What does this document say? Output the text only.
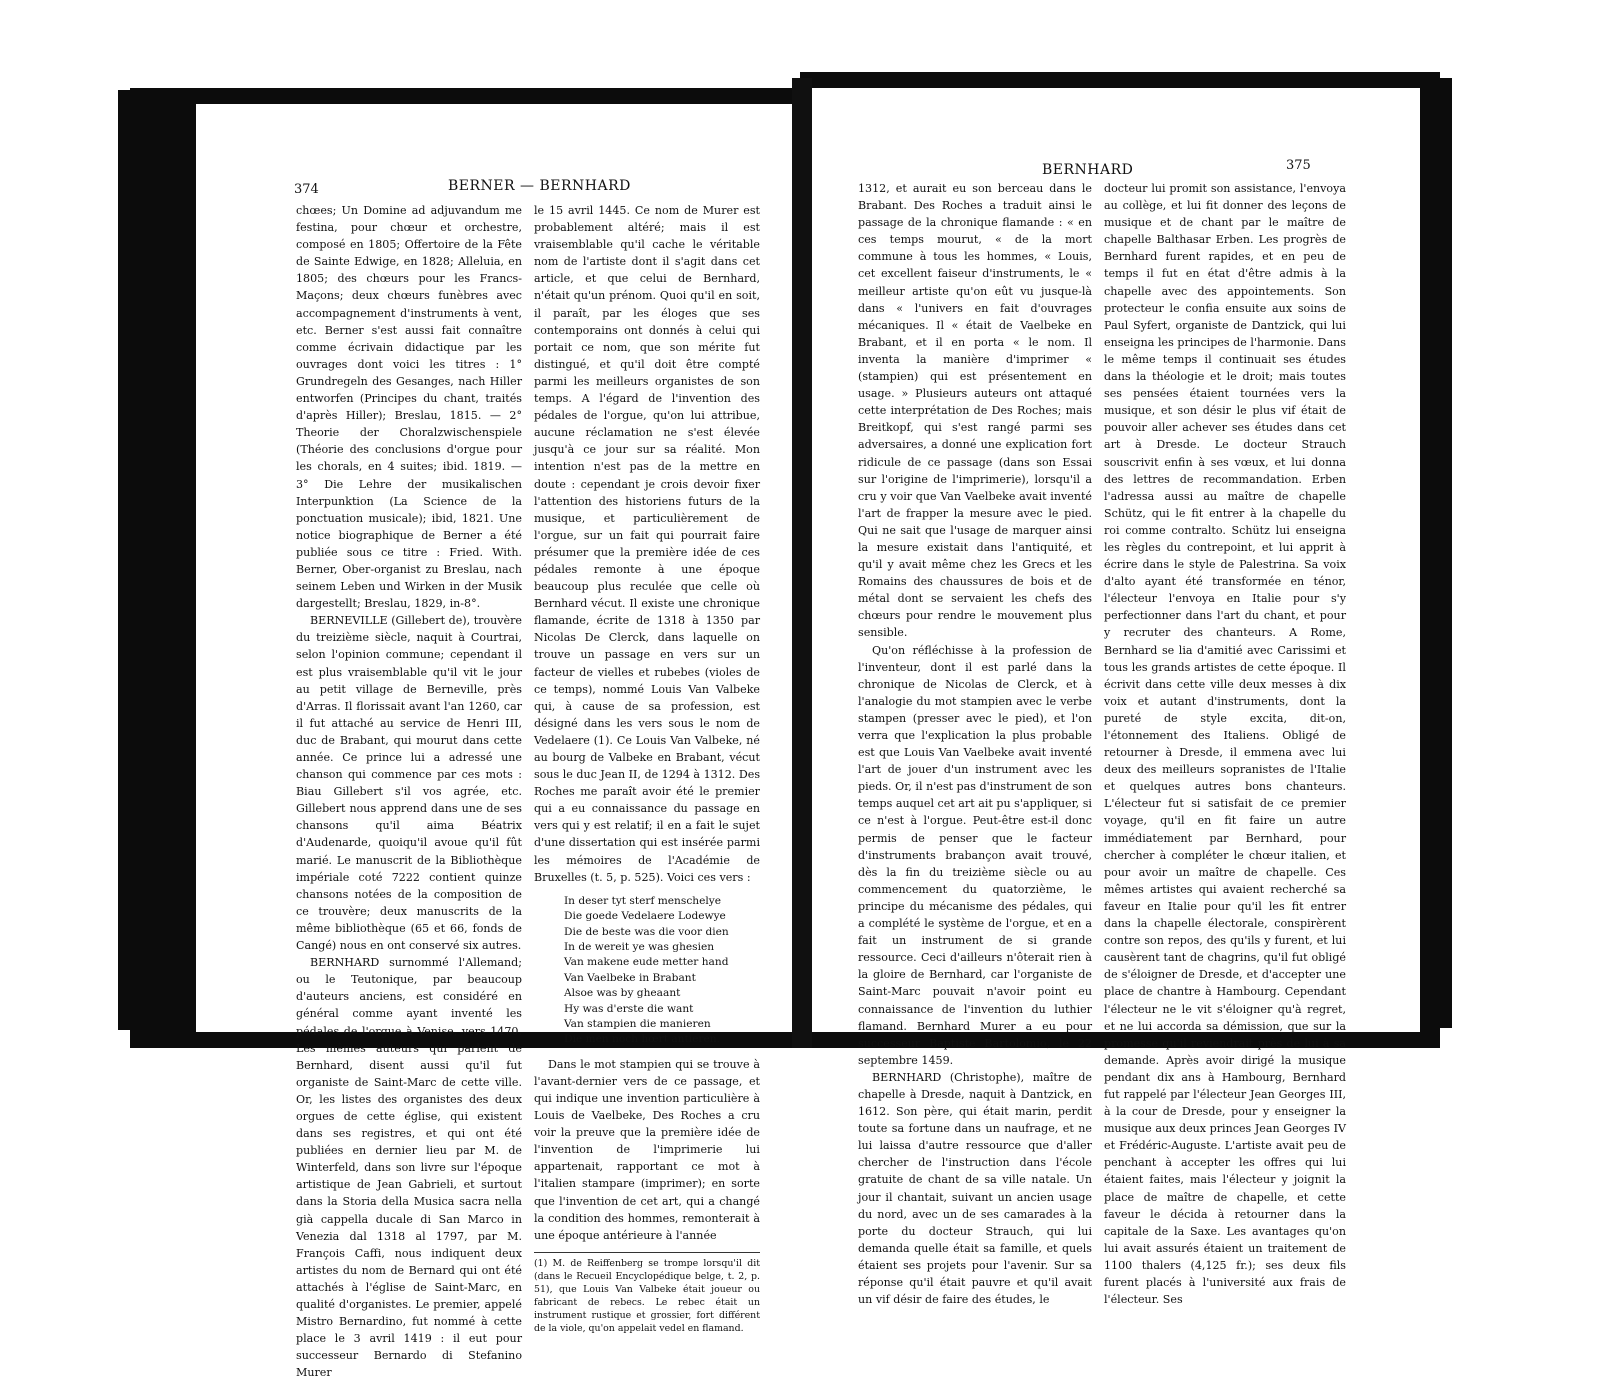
374	BERNER — BERNHARD

chœes; Un Domine ad adjuvandum me festina, pour chœur et orchestre, composé en 1805; Offertoire de la Fête de Sainte Edwige, en 1828; Alleluia, en 1805; des chœurs pour les Francs-Maçons; deux chœurs funèbres avec accompagnement d'instruments à vent, etc. Berner s'est aussi fait connaître comme écrivain didactique par les ouvrages dont voici les titres : 1° Grundregeln des Gesanges, nach Hiller entworfen (Principes du chant, traités d'après Hiller); Breslau, 1815. — 2° Theorie der Choralzwischenspiele (Théorie des conclusions d'orgue pour les chorals, en 4 suites; ibid. 1819. — 3° Die Lehre der musikalischen Interpunktion (La Science de la ponctuation musicale); ibid, 1821. Une notice biographique de Berner a été publiée sous ce titre : Fried. With. Berner, Ober-organist zu Breslau, nach seinem Leben und Wirken in der Musik dargestellt; Breslau, 1829, in-8°.

BERNEVILLE (Gillebert de), trouvère du treizième siècle, naquit à Courtrai, selon l'opinion commune; cependant il est plus vraisemblable qu'il vit le jour au petit village de Berneville, près d'Arras. Il florissait avant l'an 1260, car il fut attaché au service de Henri III, duc de Brabant, qui mourut dans cette année. Ce prince lui a adressé une chanson qui commence par ces mots : Biau Gillebert s'il vos agrée, etc. Gillebert nous apprend dans une de ses chansons qu'il aima Béatrix d'Audenarde, quoiqu'il avoue qu'il fût marié. Le manuscrit de la Bibliothèque impériale coté 7222 contient quinze chansons notées de la composition de ce trouvère; deux manuscrits de la même bibliothèque (65 et 66, fonds de Cangé) nous en ont conservé six autres.

BERNHARD surnommé l'Allemand; ou le Teutonique, par beaucoup d'auteurs anciens, est considéré en général comme ayant inventé les pédales de l'orgue à Venise, vers 1470. Les mêmes auteurs qui parlent de Bernhard, disent aussi qu'il fut organiste de Saint-Marc de cette ville. Or, les listes des organistes des deux orgues de cette église, qui existent dans ses registres, et qui ont été publiées en dernier lieu par M. de Winterfeld, dans son livre sur l'époque artistique de Jean Gabrieli, et surtout dans la Storia della Musica sacra nella già cappella ducale di San Marco in Venezia dal 1318 al 1797, par M. François Caffi, nous indiquent deux artistes du nom de Bernard qui ont été attachés à l'église de Saint-Marc, en qualité d'organistes. Le premier, appelé Mistro Bernardino, fut nommé à cette place le 3 avril 1419 : il eut pour successeur Bernardo di Stefanino Murer

le 15 avril 1445. Ce nom de Murer est probablement altéré; mais il est vraisemblable qu'il cache le véritable nom de l'artiste dont il s'agit dans cet article, et que celui de Bernhard, n'était qu'un prénom. Quoi qu'il en soit, il paraît, par les éloges que ses contemporains ont donnés à celui qui portait ce nom, que son mérite fut distingué, et qu'il doit être compté parmi les meilleurs organistes de son temps. A l'égard de l'invention des pédales de l'orgue, qu'on lui attribue, aucune réclamation ne s'est élevée jusqu'à ce jour sur sa réalité. Mon intention n'est pas de la mettre en doute : cependant je crois devoir fixer l'attention des historiens futurs de la musique, et particulièrement de l'orgue, sur un fait qui pourrait faire présumer que la première idée de ces pédales remonte à une époque beaucoup plus reculée que celle où Bernhard vécut. Il existe une chronique flamande, écrite de 1318 à 1350 par Nicolas De Clerck, dans laquelle on trouve un passage en vers sur un facteur de vielles et rubebes (violes de ce temps), nommé Louis Van Valbeke qui, à cause de sa profession, est désigné dans les vers sous le nom de Vedelaere (1). Ce Louis Van Valbeke, né au bourg de Valbeke en Brabant, vécut sous le duc Jean II, de 1294 à 1312. Des Roches me paraît avoir été le premier qui a eu connaissance du passage en vers qui y est relatif; il en a fait le sujet d'une dissertation qui est insérée parmi les mémoires de l'Académie de Bruxelles (t. 5, p. 525). Voici ces vers :

In deser tyt sterf menschelye
Die goede Vedelaere Lodewye
Die de beste was die voor dien
In de wereit ye was ghesien
Van makene eude metter hand
Van Vaelbeke in Brabant
Alsoe was by gheaant
Hy was d'erste die want
Van stampien die manieren
Die men noch hœrt antieren.

Dans le mot stampien qui se trouve à l'avant-dernier vers de ce passage, et qui indique une invention particulière à Louis de Vaelbeke, Des Roches a cru voir la preuve que la première idée de l'invention de l'imprimerie lui appartenait, rapportant ce mot à l'italien stampare (imprimer); en sorte que l'invention de cet art, qui a changé la condition des hommes, remonterait à une époque antérieure à l'année

(1) M. de Reiffenberg se trompe lorsqu'il dit (dans le Recueil Encyclopédique belge, t. 2, p. 51), que Louis Van Valbeke était joueur ou fabricant de rebecs. Le rebec était un instrument rustique et grossier, fort différent de la viole, qu'on appelait vedel en flamand.
BERNHARD	375

1312, et aurait eu son berceau dans le Brabant. Des Roches a traduit ainsi le passage de la chronique flamande : « en ces temps mourut, « de la mort commune à tous les hommes, « Louis, cet excellent faiseur d'instruments, le « meilleur artiste qu'on eût vu jusque-là dans « l'univers en fait d'ouvrages mécaniques. Il « était de Vaelbeke en Brabant, et il en porta « le nom. Il inventa la manière d'imprimer « (stampien) qui est présentement en usage. » Plusieurs auteurs ont attaqué cette interprétation de Des Roches; mais Breitkopf, qui s'est rangé parmi ses adversaires, a donné une explication fort ridicule de ce passage (dans son Essai sur l'origine de l'imprimerie), lorsqu'il a cru y voir que Van Vaelbeke avait inventé l'art de frapper la mesure avec le pied. Qui ne sait que l'usage de marquer ainsi la mesure existait dans l'antiquité, et qu'il y avait même chez les Grecs et les Romains des chaussures de bois et de métal dont se servaient les chefs des chœurs pour rendre le mouvement plus sensible.

Qu'on réfléchisse à la profession de l'inventeur, dont il est parlé dans la chronique de Nicolas de Clerck, et à l'analogie du mot stampien avec le verbe stampen (presser avec le pied), et l'on verra que l'explication la plus probable est que Louis Van Vaelbeke avait inventé l'art de jouer d'un instrument avec les pieds. Or, il n'est pas d'instrument de son temps auquel cet art ait pu s'appliquer, si ce n'est à l'orgue. Peut-être est-il donc permis de penser que le facteur d'instruments brabançon avait trouvé, dès la fin du treizième siècle ou au commencement du quatorzième, le principe du mécanisme des pédales, qui a complété le système de l'orgue, et en a fait un instrument de si grande ressource. Ceci d'ailleurs n'ôterait rien à la gloire de Bernhard, car l'organiste de Saint-Marc pouvait n'avoir point eu connaissance de l'invention du luthier flamand. Bernhard Murer a eu pour successeur Baptiste Bartolomio, le 22 septembre 1459.

BERNHARD (Christophe), maître de chapelle à Dresde, naquit à Dantzick, en 1612. Son père, qui était marin, perdit toute sa fortune dans un naufrage, et ne lui laissa d'autre ressource que d'aller chercher de l'instruction dans l'école gratuite de chant de sa ville natale. Un jour il chantait, suivant un ancien usage du nord, avec un de ses camarades à la porte du docteur Strauch, qui lui demanda quelle était sa famille, et quels étaient ses projets pour l'avenir. Sur sa réponse qu'il était pauvre et qu'il avait un vif désir de faire des études, le

docteur lui promit son assistance, l'envoya au collège, et lui fit donner des leçons de musique et de chant par le maître de chapelle Balthasar Erben. Les progrès de Bernhard furent rapides, et en peu de temps il fut en état d'être admis à la chapelle avec des appointements. Son protecteur le confia ensuite aux soins de Paul Syfert, organiste de Dantzick, qui lui enseigna les principes de l'harmonie. Dans le même temps il continuait ses études dans la théologie et le droit; mais toutes ses pensées étaient tournées vers la musique, et son désir le plus vif était de pouvoir aller achever ses études dans cet art à Dresde. Le docteur Strauch souscrivit enfin à ses vœux, et lui donna des lettres de recommandation. Erben l'adressa aussi au maître de chapelle Schütz, qui le fit entrer à la chapelle du roi comme contralto. Schütz lui enseigna les règles du contrepoint, et lui apprit à écrire dans le style de Palestrina. Sa voix d'alto ayant été transformée en ténor, l'électeur l'envoya en Italie pour s'y perfectionner dans l'art du chant, et pour y recruter des chanteurs. A Rome, Bernhard se lia d'amitié avec Carissimi et tous les grands artistes de cette époque. Il écrivit dans cette ville deux messes à dix voix et autant d'instruments, dont la pureté de style excita, dit-on, l'étonnement des Italiens. Obligé de retourner à Dresde, il emmena avec lui deux des meilleurs sopranistes de l'Italie et quelques autres bons chanteurs. L'électeur fut si satisfait de ce premier voyage, qu'il en fit faire un autre immédiatement par Bernhard, pour chercher à compléter le chœur italien, et pour avoir un maître de chapelle. Ces mêmes artistes qui avaient recherché sa faveur en Italie pour qu'il les fit entrer dans la chapelle électorale, conspirèrent contre son repos, des qu'ils y furent, et lui causèrent tant de chagrins, qu'il fut obligé de s'éloigner de Dresde, et d'accepter une place de chantre à Hambourg. Cependant l'électeur ne le vit s'éloigner qu'à regret, et ne lui accorda sa démission, que sur la promesse qu'il reviendrait près de lui à sa demande. Après avoir dirigé la musique pendant dix ans à Hambourg, Bernhard fut rappelé par l'électeur Jean Georges III, à la cour de Dresde, pour y enseigner la musique aux deux princes Jean Georges IV et Frédéric-Auguste. L'artiste avait peu de penchant à accepter les offres qui lui étaient faites, mais l'électeur y joignit la place de maître de chapelle, et cette faveur le décida à retourner dans la capitale de la Saxe. Les avantages qu'on lui avait assurés étaient un traitement de 1100 thalers (4,125 fr.); ses deux fils furent placés à l'université aux frais de l'électeur. Ses
